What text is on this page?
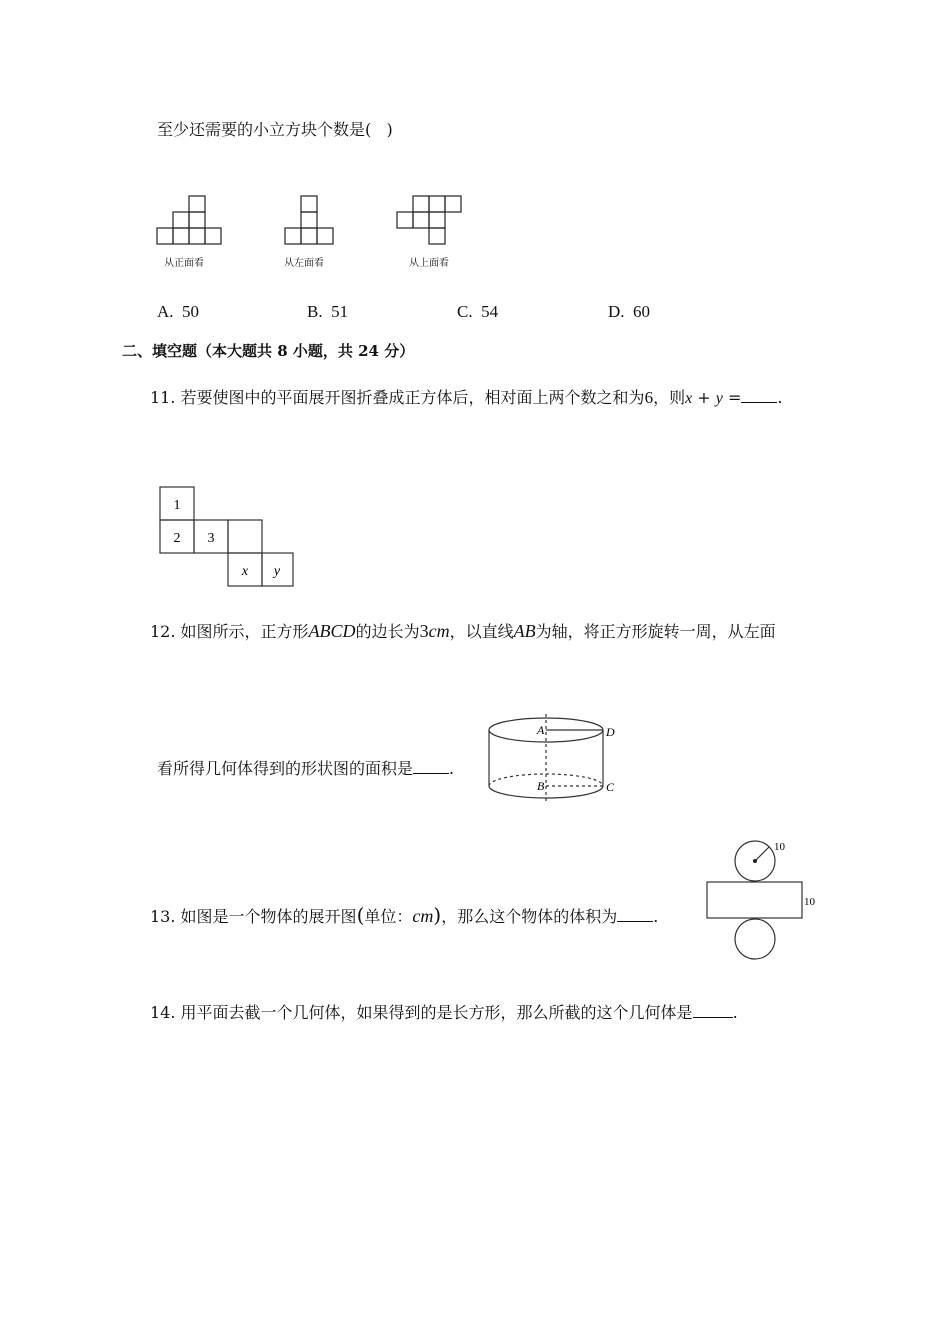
至少还需要的小立方块个数是(   )
从正面看	从左面看	从上面看
A. 50	B. 51	C. 54	D. 60
二、填空题（本大题共 8 小题，共 24 分）
11. 若要使图中的平面展开图折叠成正方体后，相对面上两个数之和为6，则x + y = .
1
2 3
x y
12. 如图所示，正方形ABCD的边长为3cm，以直线AB为轴，将正方形旋转一周，从左面
看所得几何体得到的形状图的面积是 .
A	D
B	C
13. 如图是一个物体的展开图(单位：cm)，那么这个物体的体积为 .
10
10
14. 用平面去截一个几何体，如果得到的是长方形，那么所截的这个几何体是	.
